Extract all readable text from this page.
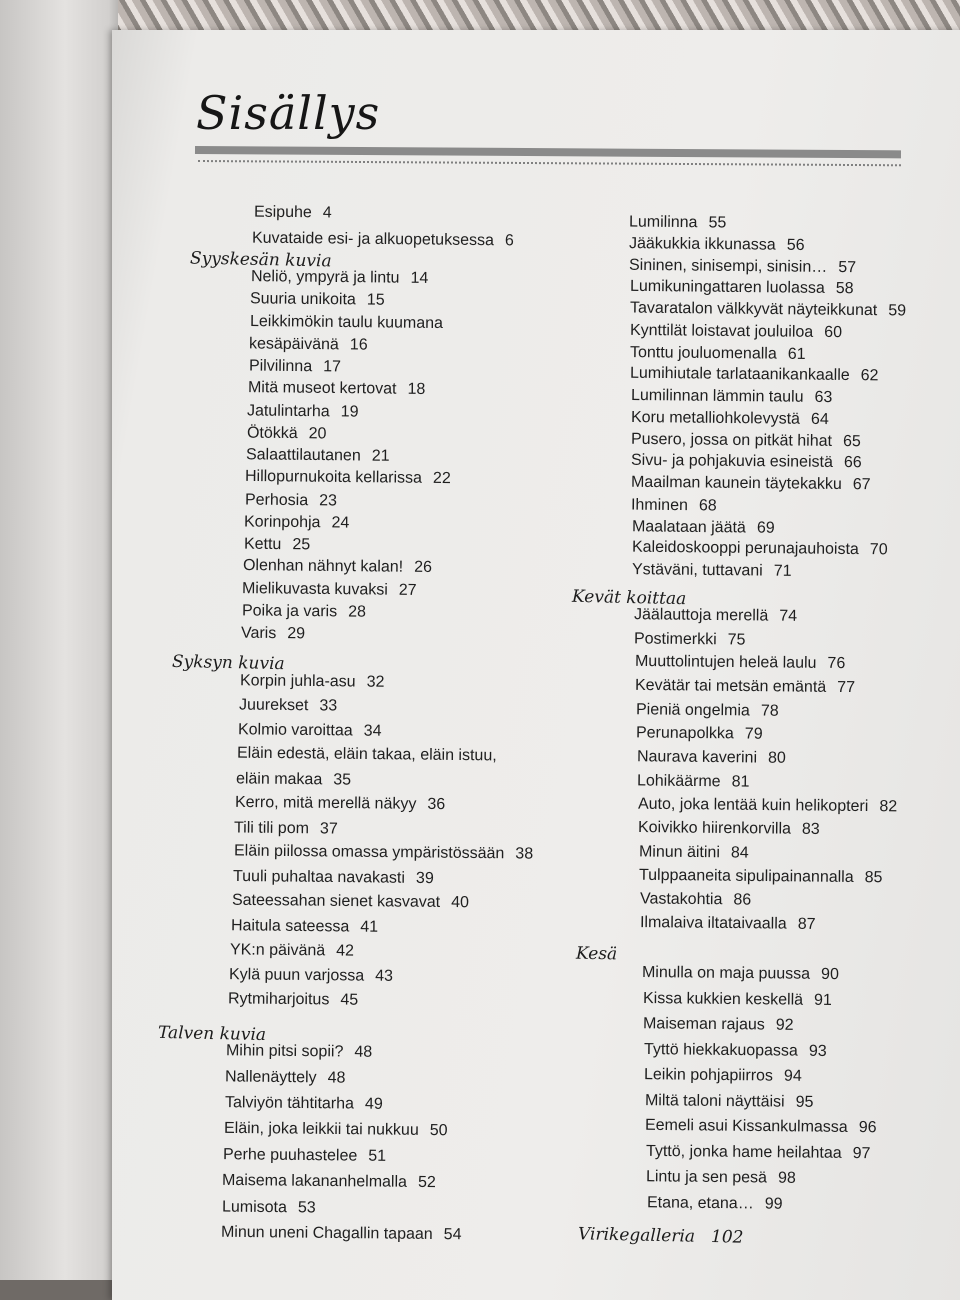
Sisällys
Esipuhe 4
Kuvataide esi- ja alkuopetuksessa 6
Syyskesän kuvia
Neliö, ympyrä ja lintu 14
Suuria unikoita 15
Leikkimökin taulu kuumana
kesäpäivänä 16
Pilvilinna 17
Mitä museot kertovat 18
Jatulintarha 19
Ötökkä 20
Salaattilautanen 21
Hillopurnukoita kellarissa 22
Perhosia 23
Korinpohja 24
Kettu 25
Olenhan nähnyt kalan! 26
Mielikuvasta kuvaksi 27
Poika ja varis 28
Varis 29
Syksyn kuvia
Korpin juhla-asu 32
Juurekset 33
Kolmio varoittaa 34
Eläin edestä, eläin takaa, eläin istuu,
eläin makaa 35
Kerro, mitä merellä näkyy 36
Tili tili pom 37
Eläin piilossa omassa ympäristössään 38
Tuuli puhaltaa navakasti 39
Sateessahan sienet kasvavat 40
Haitula sateessa 41
YK:n päivänä 42
Kylä puun varjossa 43
Rytmiharjoitus 45
Talven kuvia
Mihin pitsi sopii? 48
Nallenäyttely 48
Talviyön tähtitarha 49
Eläin, joka leikkii tai nukkuu 50
Perhe puuhastelee 51
Maisema lakananhelmalla 52
Lumisota 53
Minun uneni Chagallin tapaan 54
Lumilinna 55
Jääkukkia ikkunassa 56
Sininen, sinisempi, sinisin… 57
Lumikuningattaren luolassa 58
Tavaratalon välkkyvät näyteikkunat 59
Kynttilät loistavat jouluiloa 60
Tonttu jouluomenalla 61
Lumihiutale tarlataanikankaalle 62
Lumilinnan lämmin taulu 63
Koru metalliohkolevystä 64
Pusero, jossa on pitkät hihat 65
Sivu- ja pohjakuvia esineistä 66
Maailman kaunein täytekakku 67
Ihminen 68
Maalataan jäätä 69
Kaleidoskooppi perunajauhoista 70
Ystäväni, tuttavani 71
Kevät koittaa
Jäälauttoja merellä 74
Postimerkki 75
Muuttolintujen heleä laulu 76
Kevätär tai metsän emäntä 77
Pieniä ongelmia 78
Perunapolkka 79
Naurava kaverini 80
Lohikäärme 81
Auto, joka lentää kuin helikopteri 82
Koivikko hiirenkorvilla 83
Minun äitini 84
Tulppaaneita sipulipainannalla 85
Vastakohtia 86
Ilmalaiva iltataivaalla 87
Kesä
Minulla on maja puussa 90
Kissa kukkien keskellä 91
Maiseman rajaus 92
Tyttö hiekkakuopassa 93
Leikin pohjapiirros 94
Miltä taloni näyttäisi 95
Eemeli asui Kissankulmassa 96
Tyttö, jonka hame heilahtaa 97
Lintu ja sen pesä 98
Etana, etana… 99
Virikegalleria 102
